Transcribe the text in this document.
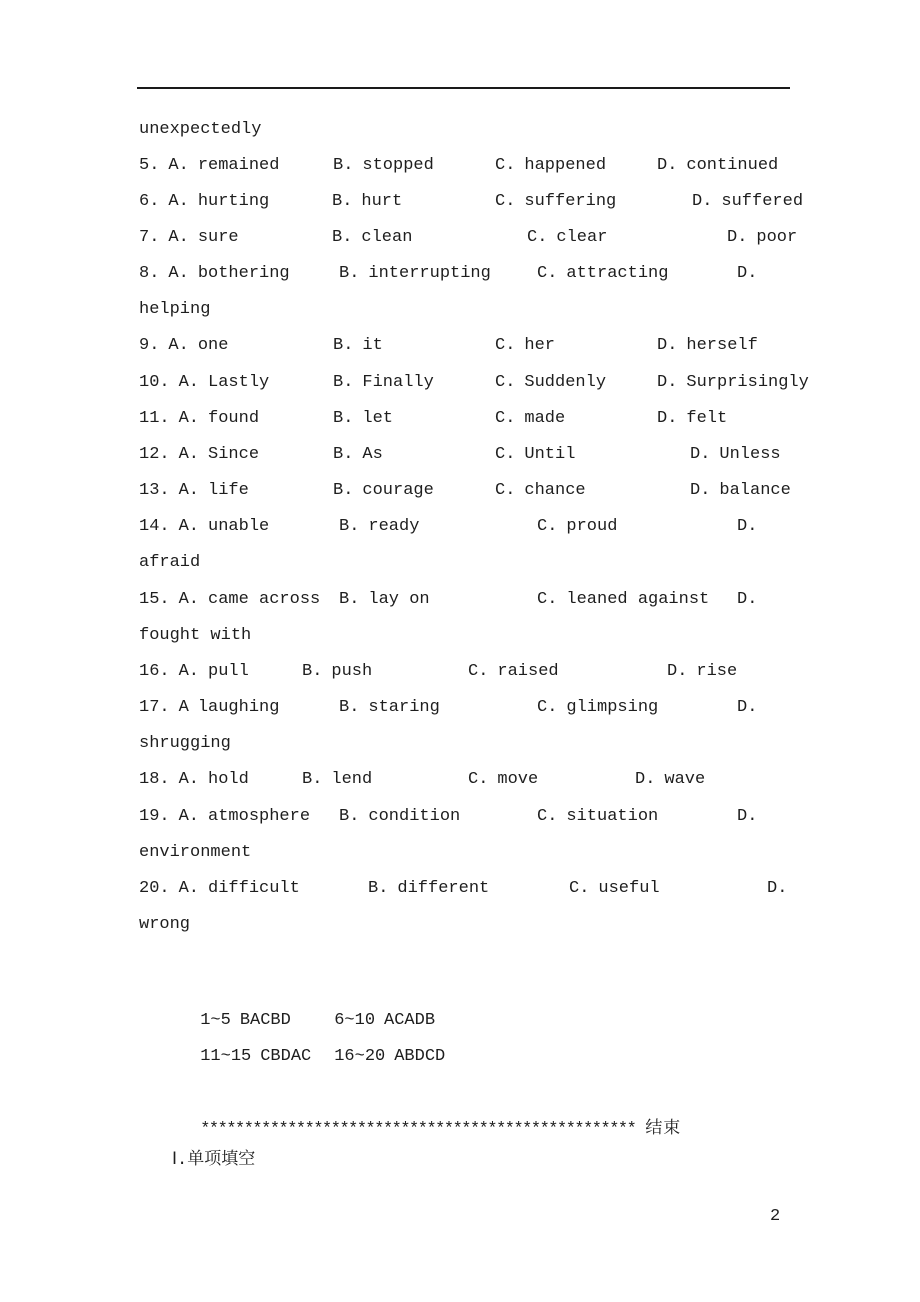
unexpectedly

5. A. remained	B. stopped	C. happened	D. continued
6. A. hurting	B. hurt	C. suffering	D. suffered
7. A. sure	B. clean	C. clear	D. poor
8. A. bothering	B. interrupting	C. attracting	D.
helping
9. A. one	B. it	C. her	D. herself
10. A. Lastly	B. Finally	C. Suddenly	D. Surprisingly
11. A. found	B. let	C. made	D. felt
12. A. Since	B. As	C. Until	D. Unless
13. A. life	B. courage	C. chance	D. balance
14. A. unable	B. ready	C. proud	D.
afraid
15. A. came across B. lay on	C. leaned against D.
fought with
16. A. pull	B. push	C. raised	D. rise
17. A laughing	B. staring	C. glimpsing	D.
shrugging
18. A. hold	B. lend	C. move	D. wave
19. A. atmosphere B. condition	C. situation	D.
environment
20. A. difficult	B. different	C. useful	D.
wrong

1~5 BACBD

	6~10 ACADB

11~15 CBDAC

	16~20 ABDCD

************************************************** 结束

Ⅰ.单项填空

2
